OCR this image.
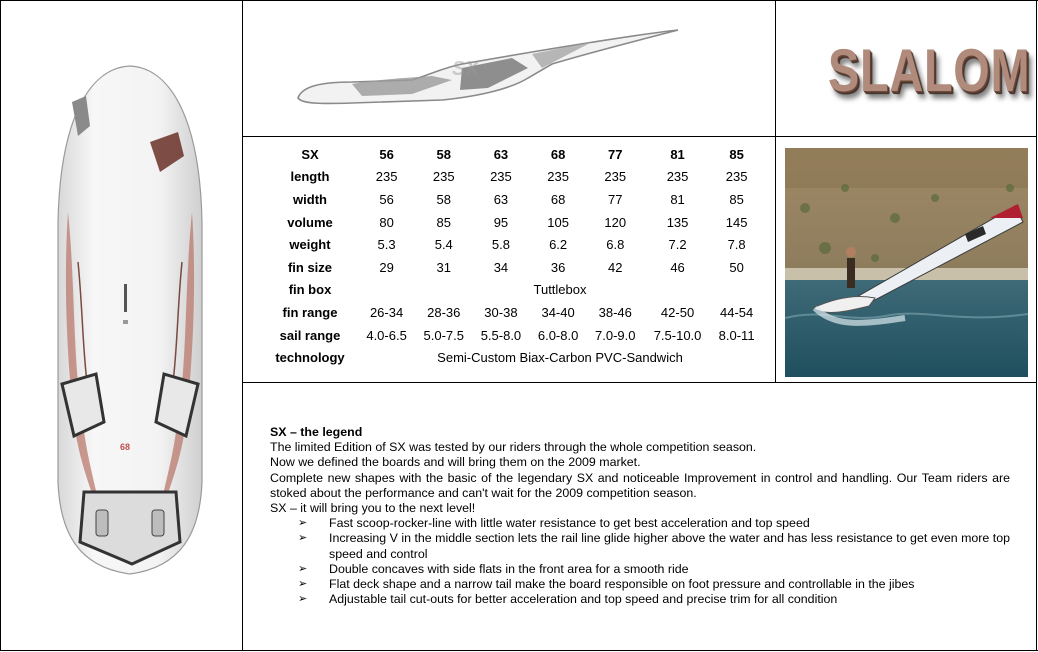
68
SX	SLALOM
SX	56	58	63	68	77	81	85
length	235	235	235	235	235	235	235
width	56	58	63	68	77	81	85
volume	80	85	95	105	120	135	145
weight	5.3	5.4	5.8	6.2	6.8	7.2	7.8
fin size	29	31	34	36	42	46	50
fin box	Tuttlebox						
fin range	26-34	28-36	30-38	34-40	38-46	42-50	44-54
sail range	4.0-6.5	5.0-7.5	5.5-8.0	6.0-8.0	7.0-9.0	7.5-10.0	8.0-11
technology	Semi-Custom Biax-Carbon PVC-Sandwich						

SX – the legend

The limited Edition of SX was tested by our riders through the whole competition season.

Now we defined the boards and will bring them on the 2009 market.

Complete new shapes with the basic of the legendary SX and noticeable Improvement in control and handling. Our Team riders are stoked about the performance and can't wait for the 2009 competition season.

SX – it will bring you to the next level!

➢ Fast scoop-rocker-line with little water resistance to get best acceleration and top speed
➢ Increasing V in the middle section lets the rail line glide higher above the water and has less resistance to get even more top speed and control
➢ Double concaves with side flats in the front area for a smooth ride
➢ Flat deck shape and a narrow tail make the board responsible on foot pressure and controllable in the jibes
➢ Adjustable tail cut-outs for better acceleration and top speed and precise trim for all condition
